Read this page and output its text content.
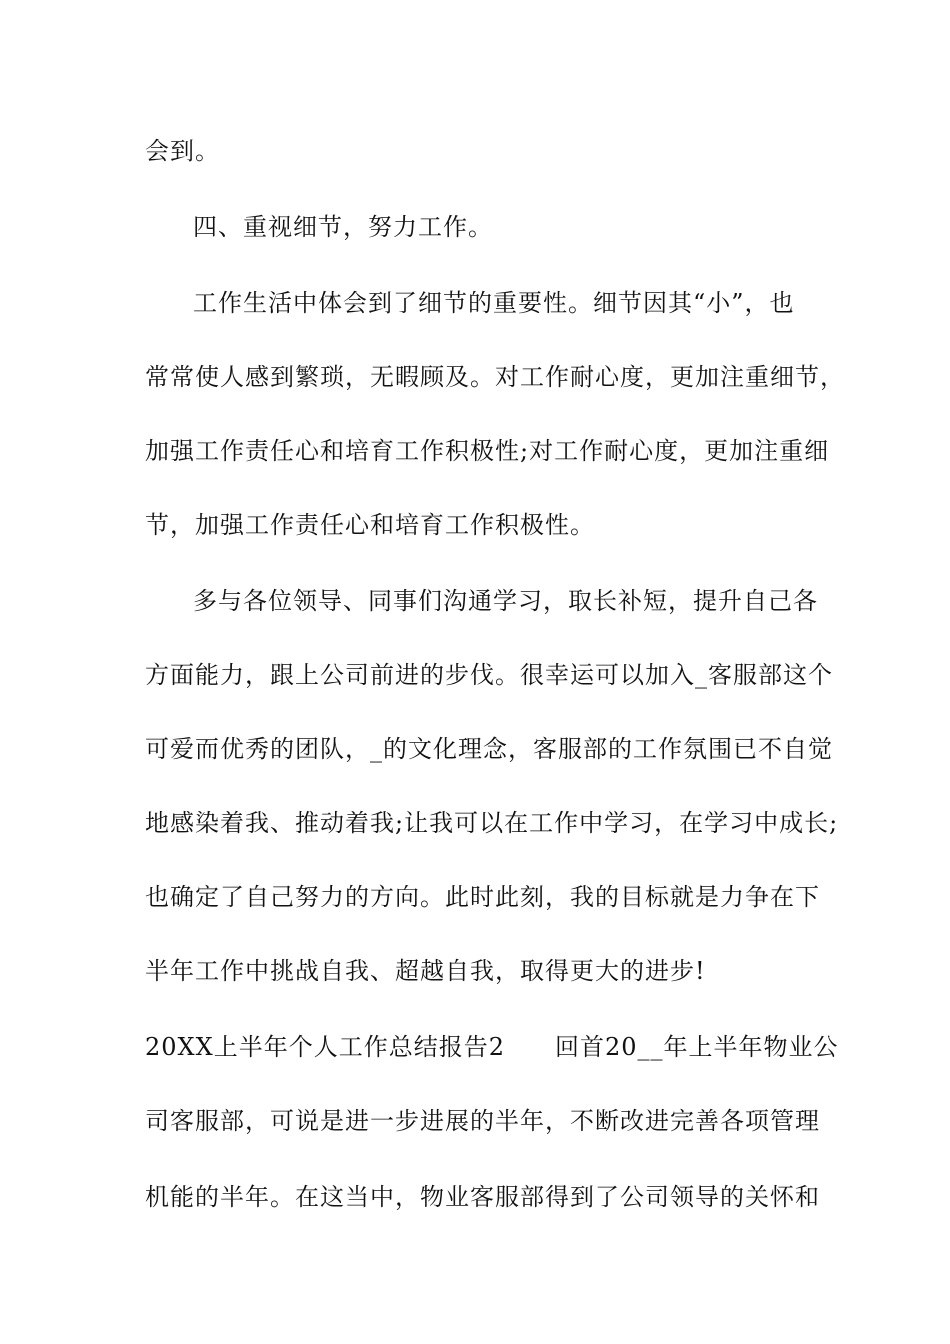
会到。
四、重视细节，努力工作。
工作生活中体会到了细节的重要性。细节因其“小”，也
常常使人感到繁琐，无暇顾及。对工作耐心度，更加注重细节，
加强工作责任心和培育工作积极性;对工作耐心度，更加注重细
节，加强工作责任心和培育工作积极性。
多与各位领导、同事们沟通学习，取长补短，提升自己各
方面能力，跟上公司前进的步伐。很幸运可以加入_客服部这个
可爱而优秀的团队，_的文化理念，客服部的工作氛围已不自觉
地感染着我、推动着我;让我可以在工作中学习，在学习中成长;
也确定了自己努力的方向。此时此刻，我的目标就是力争在下
半年工作中挑战自我、超越自我，取得更大的进步!
20XX上半年个人工作总结报告2　　回首20__年上半年物业公
司客服部，可说是进一步进展的半年，不断改进完善各项管理
机能的半年。在这当中，物业客服部得到了公司领导的关怀和
